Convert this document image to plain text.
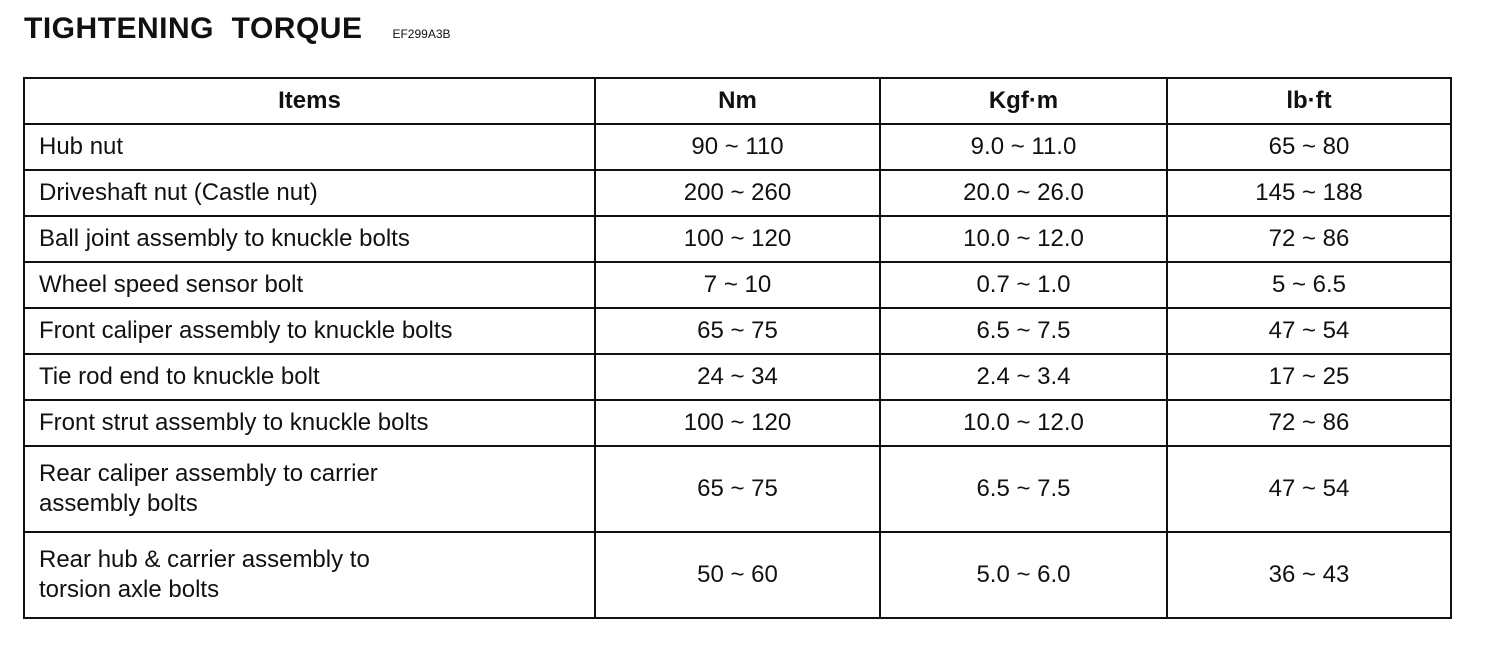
TIGHTENING  TORQUE	EF299A3B
Items	Nm	Kgf·m	lb·ft
Hub nut	90 ~ 110	9.0 ~ 11.0	65 ~ 80
Driveshaft nut (Castle nut)	200 ~ 260	20.0 ~ 26.0	145 ~ 188
Ball joint assembly to knuckle bolts	100 ~ 120	10.0 ~ 12.0	72 ~ 86
Wheel speed sensor bolt	7 ~ 10	0.7 ~ 1.0	5 ~ 6.5
Front caliper assembly to knuckle bolts	65 ~ 75	6.5 ~ 7.5	47 ~ 54
Tie rod end to knuckle bolt	24 ~ 34	2.4 ~ 3.4	17 ~ 25
Front strut assembly to knuckle bolts	100 ~ 120	10.0 ~ 12.0	72 ~ 86
Rear caliper assembly to carrier
assembly bolts	65 ~ 75	6.5 ~ 7.5	47 ~ 54
Rear hub & carrier assembly to
torsion axle bolts	50 ~ 60	5.0 ~ 6.0	36 ~ 43
